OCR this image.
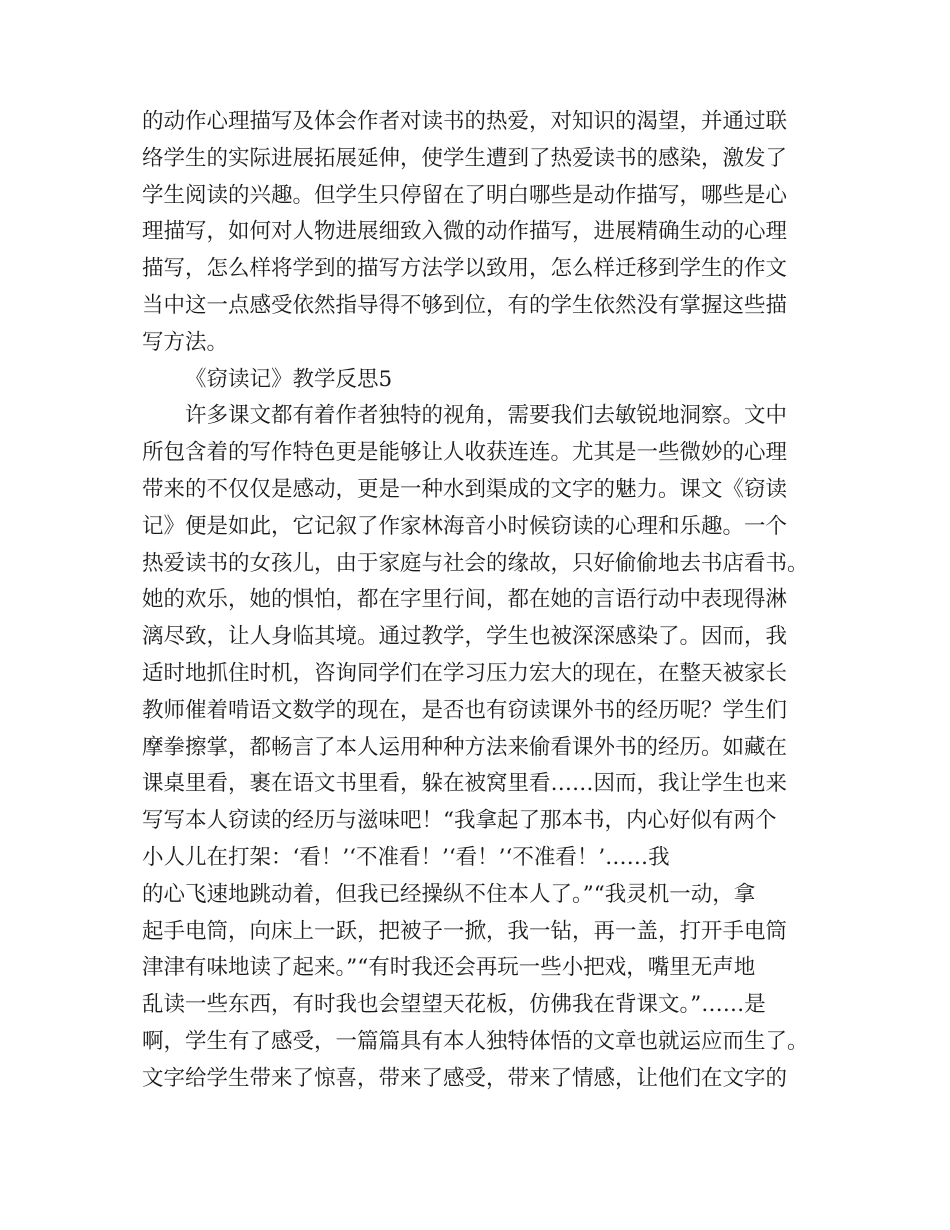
的动作心理描写及体会作者对读书的热爱，对知识的渴望，并通过联
络学生的实际进展拓展延伸，使学生遭到了热爱读书的感染，激发了
学生阅读的兴趣。但学生只停留在了明白哪些是动作描写，哪些是心
理描写，如何对人物进展细致入微的动作描写，进展精确生动的心理
描写，怎么样将学到的描写方法学以致用，怎么样迁移到学生的作文
当中这一点感受依然指导得不够到位，有的学生依然没有掌握这些描
写方法。
《窃读记》教学反思5
许多课文都有着作者独特的视角，需要我们去敏锐地洞察。文中
所包含着的写作特色更是能够让人收获连连。尤其是一些微妙的心理
带来的不仅仅是感动，更是一种水到渠成的文字的魅力。课文《窃读
记》便是如此，它记叙了作家林海音小时候窃读的心理和乐趣。一个
热爱读书的女孩儿，由于家庭与社会的缘故，只好偷偷地去书店看书。
她的欢乐，她的惧怕，都在字里行间，都在她的言语行动中表现得淋
漓尽致，让人身临其境。通过教学，学生也被深深感染了。因而，我
适时地抓住时机，咨询同学们在学习压力宏大的现在，在整天被家长
教师催着啃语文数学的现在，是否也有窃读课外书的经历呢？学生们
摩拳擦掌，都畅言了本人运用种种方法来偷看课外书的经历。如藏在
课桌里看，裹在语文书里看，躲在被窝里看……因而，我让学生也来
写写本人窃读的经历与滋味吧！“我拿起了那本书，内心好似有两个
小人儿在打架：‘看！’‘不准看！’‘看！’‘不准看！’……我
的心飞速地跳动着，但我已经操纵不住本人了。”“我灵机一动，拿
起手电筒，向床上一跃，把被子一掀，我一钻，再一盖，打开手电筒
津津有味地读了起来。”“有时我还会再玩一些小把戏，嘴里无声地
乱读一些东西，有时我也会望望天花板，仿佛我在背课文。”……是
啊，学生有了感受，一篇篇具有本人独特体悟的文章也就运应而生了。
文字给学生带来了惊喜，带来了感受，带来了情感，让他们在文字的
